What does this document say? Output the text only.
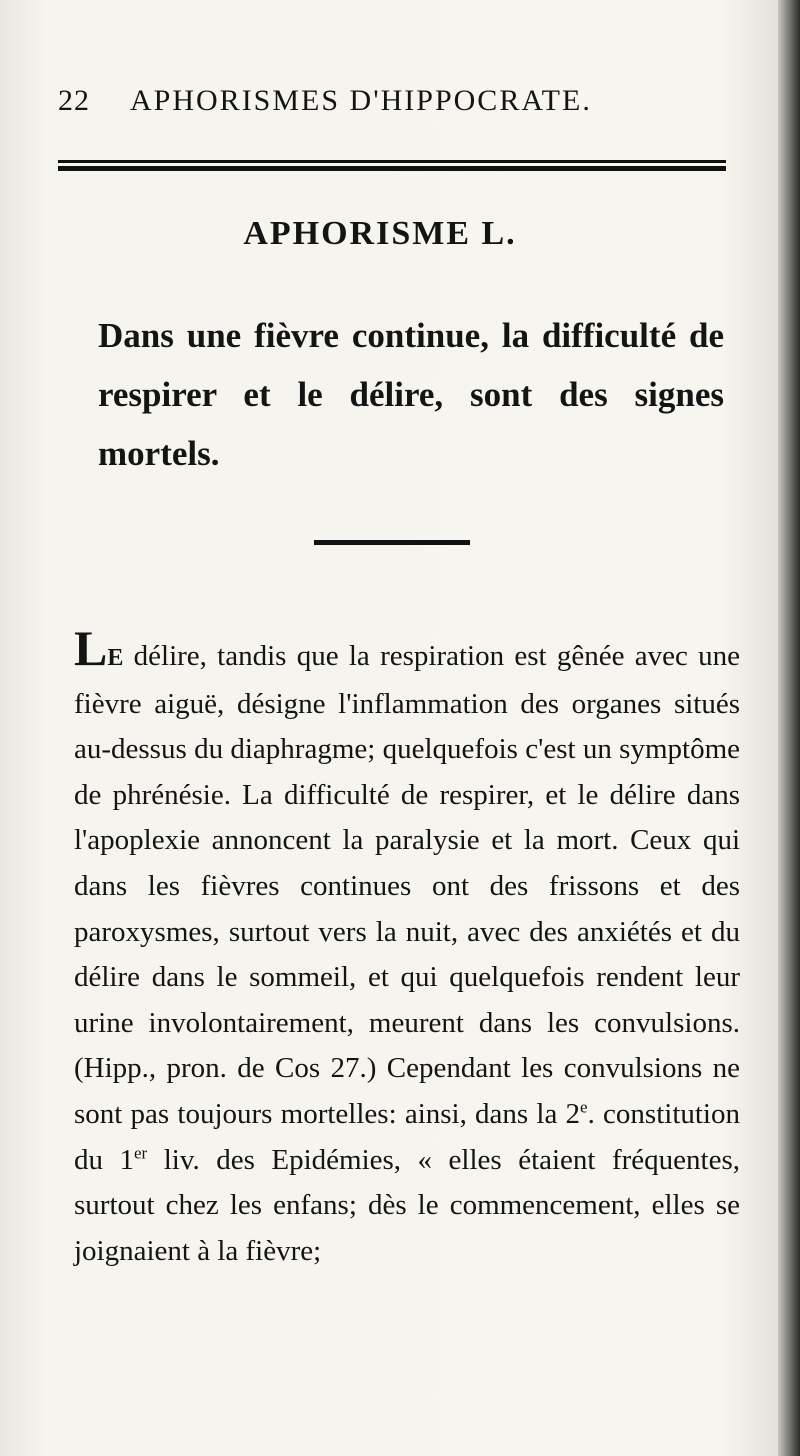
22 APHORISMES D'HIPPOCRATE.
APHORISME L.
Dans une fièvre continue, la difficulté de respirer et le délire, sont des signes mortels.
LE délire, tandis que la respiration est gênée avec une fièvre aiguë, désigne l'inflammation des organes situés au-dessus du diaphragme; quelquefois c'est un symptôme de phrénésie. La difficulté de respirer, et le délire dans l'apoplexie annoncent la paralysie et la mort. Ceux qui dans les fièvres continues ont des frissons et des paroxysmes, surtout vers la nuit, avec des anxiétés et du délire dans le sommeil, et qui quelquefois rendent leur urine involontairement, meurent dans les convulsions. (Hipp., pron. de Cos 27.) Cependant les convulsions ne sont pas toujours mortelles: ainsi, dans la 2e. constitution du 1er liv. des Epidémies, « elles étaient fréquentes, surtout chez les enfans; dès le commencement, elles se joignaient à la fièvre;
